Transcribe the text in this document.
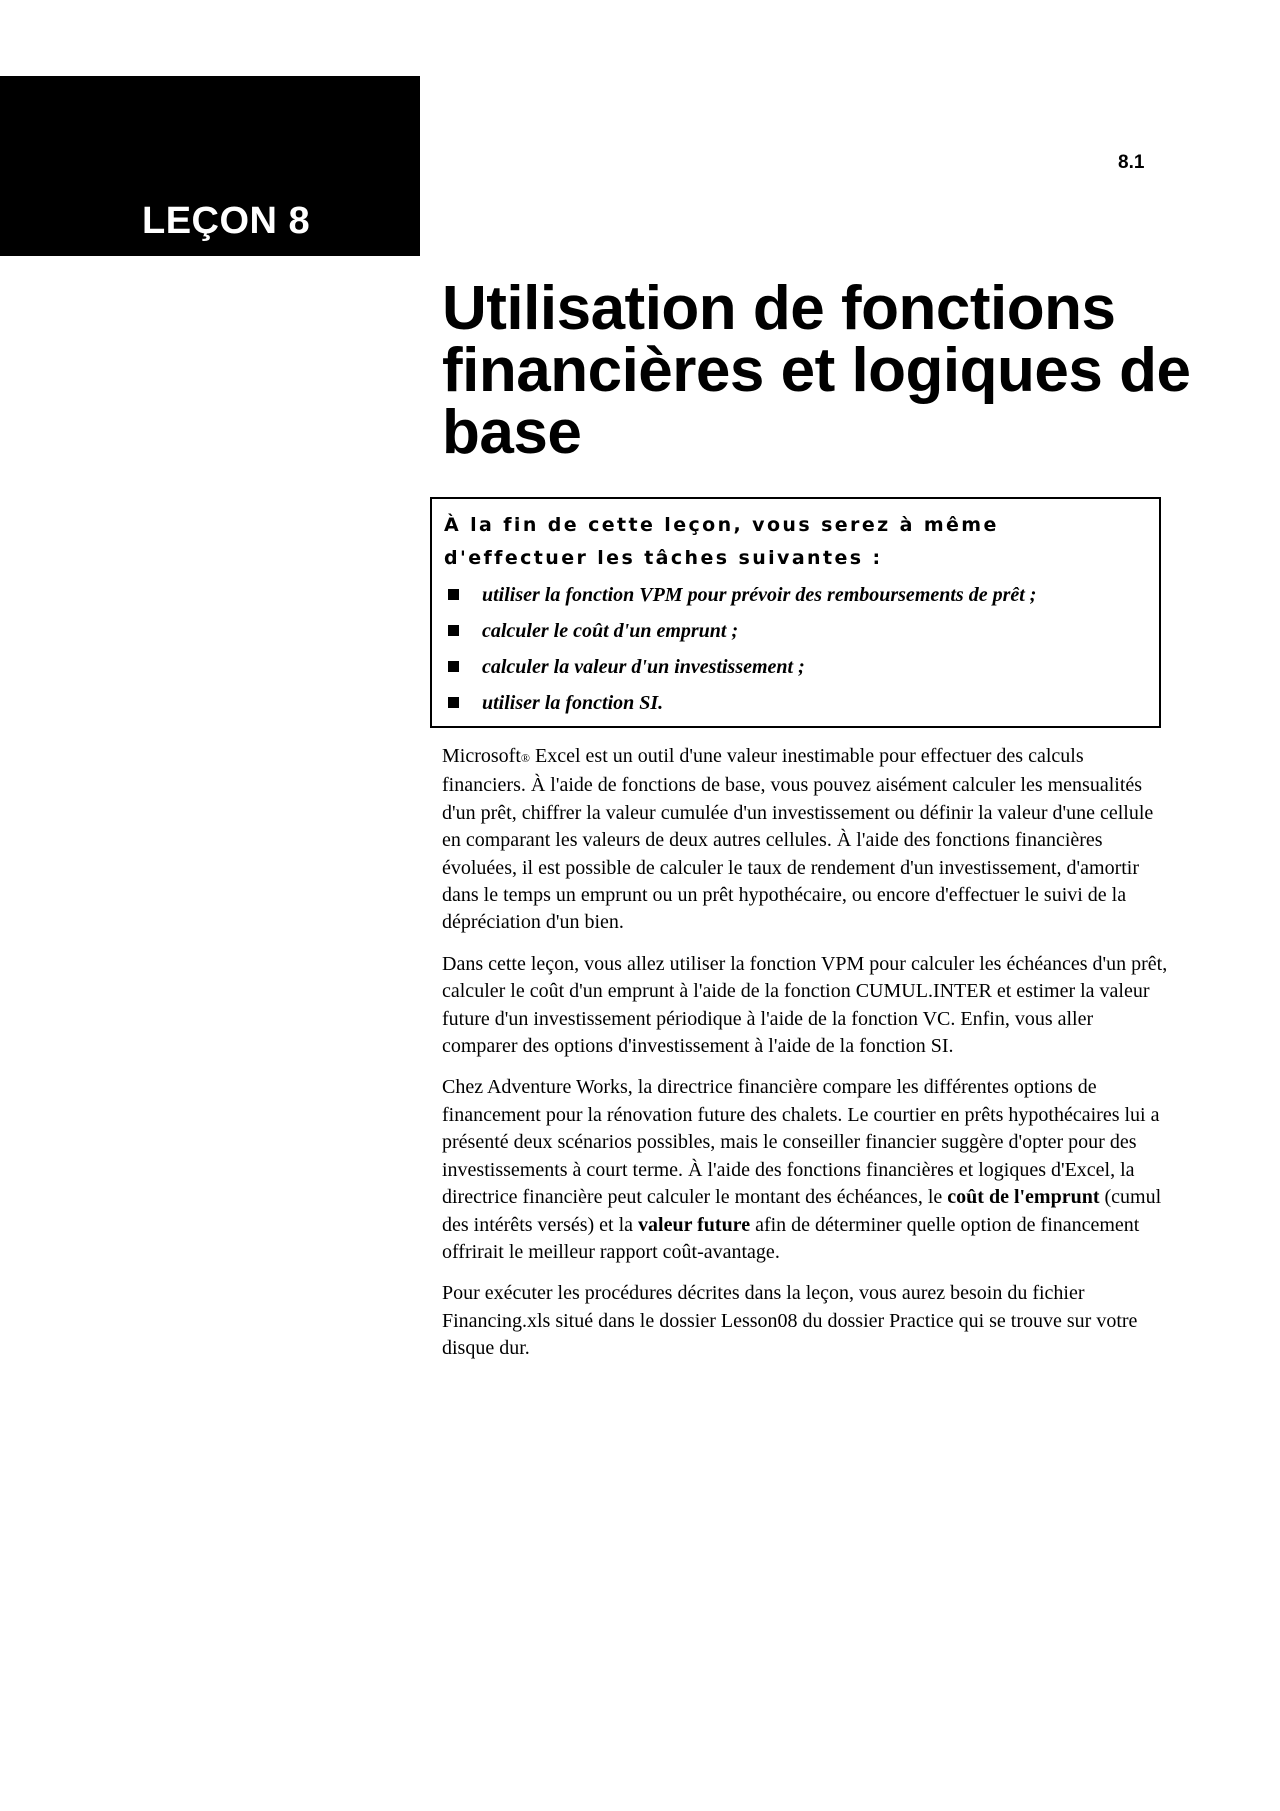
LEÇON 8
8.1
Utilisation de fonctions financières et logiques de base
À la fin de cette leçon, vous serez à même d'effectuer les tâches suivantes :
utiliser la fonction VPM pour prévoir des remboursements de prêt ;
calculer le coût d'un emprunt ;
calculer la valeur d'un investissement ;
utiliser la fonction SI.

Microsoft® Excel est un outil d'une valeur inestimable pour effectuer des calculs financiers. À l'aide de fonctions de base, vous pouvez aisément calculer les mensualités d'un prêt, chiffrer la valeur cumulée d'un investissement ou définir la valeur d'une cellule en comparant les valeurs de deux autres cellules. À l'aide des fonctions financières évoluées, il est possible de calculer le taux de rendement d'un investissement, d'amortir dans le temps un emprunt ou un prêt hypothécaire, ou encore d'effectuer le suivi de la dépréciation d'un bien.

Dans cette leçon, vous allez utiliser la fonction VPM pour calculer les échéances d'un prêt, calculer le coût d'un emprunt à l'aide de la fonction CUMUL.INTER et estimer la valeur future d'un investissement périodique à l'aide de la fonction VC. Enfin, vous aller comparer des options d'investissement à l'aide de la fonction SI.

Chez Adventure Works, la directrice financière compare les différentes options de financement pour la rénovation future des chalets. Le courtier en prêts hypothécaires lui a présenté deux scénarios possibles, mais le conseiller financier suggère d'opter pour des investissements à court terme. À l'aide des fonctions financières et logiques d'Excel, la directrice financière peut calculer le montant des échéances, le coût de l'emprunt (cumul des intérêts versés) et la valeur future afin de déterminer quelle option de financement offrirait le meilleur rapport coût-avantage.

Pour exécuter les procédures décrites dans la leçon, vous aurez besoin du fichier Financing.xls situé dans le dossier Lesson08 du dossier Practice qui se trouve sur votre disque dur.
